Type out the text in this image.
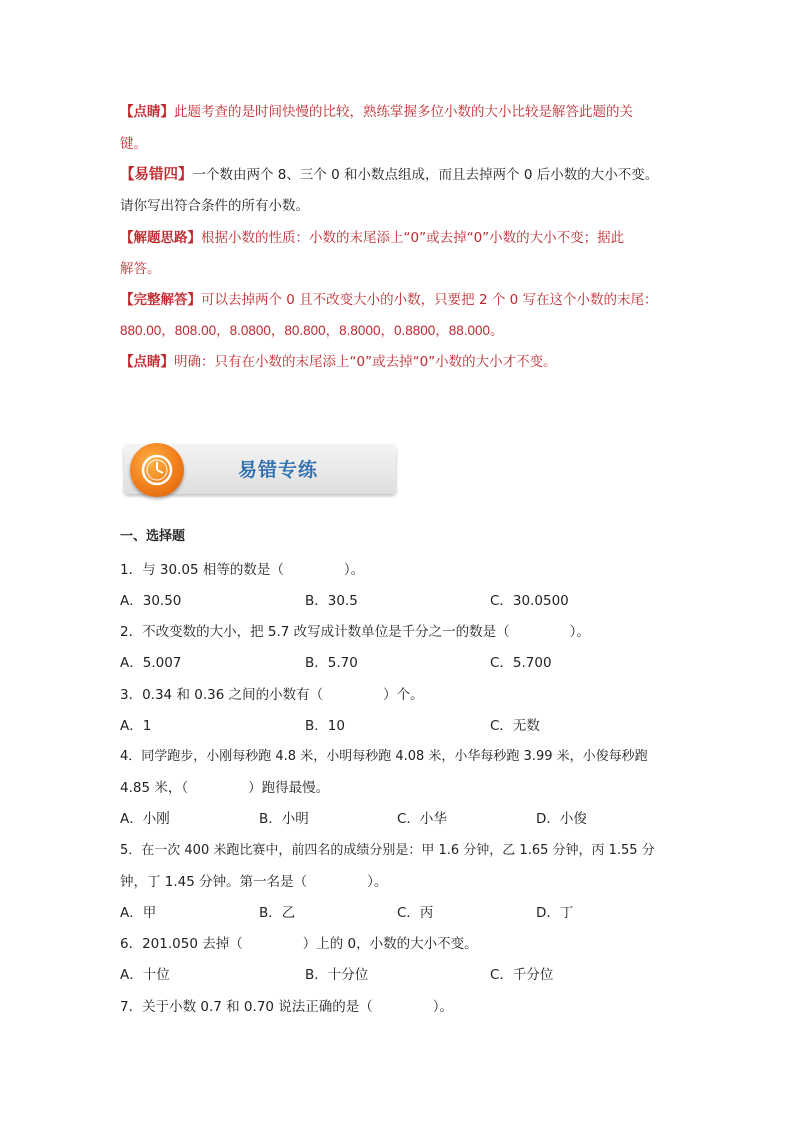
【点睛】此题考查的是时间快慢的比较，熟练掌握多位小数的大小比较是解答此题的关
键。
【易错四】一个数由两个 8、三个 0 和小数点组成，而且去掉两个 0 后小数的大小不变。
请你写出符合条件的所有小数。
【解题思路】根据小数的性质：小数的末尾添上“0”或去掉“0”小数的大小不变；据此
解答。
【完整解答】可以去掉两个 0 且不改变大小的小数，只要把 2 个 0 写在这个小数的末尾：
880.00，808.00，8.0800，80.800，8.8000，0.8800，88.000。
【点睛】明确：只有在小数的末尾添上“0”或去掉“0”小数的大小才不变。
易错专练
一、选择题
1．与 30.05 相等的数是（	）。
A．30.50	B．30.5	C．30.0500
2．不改变数的大小，把 5.7 改写成计数单位是千分之一的数是（	）。
A．5.007	B．5.70	C．5.700
3．0.34 和 0.36 之间的小数有（	）个。
A．1	B．10	C．无数
4．同学跑步，小刚每秒跑 4.8 米，小明每秒跑 4.08 米，小华每秒跑 3.99 米，小俊每秒跑
4.85 米，（	）跑得最慢。
A．小刚	B．小明	C．小华	D．小俊
5．在一次 400 米跑比赛中，前四名的成绩分别是：甲 1.6 分钟，乙 1.65 分钟，丙 1.55 分
钟，丁 1.45 分钟。第一名是（	）。
A．甲	B．乙	C．丙	D．丁
6．201.050 去掉（	）上的 0，小数的大小不变。
A．十位	B．十分位	C．千分位
7．关于小数 0.7 和 0.70 说法正确的是（	）。
